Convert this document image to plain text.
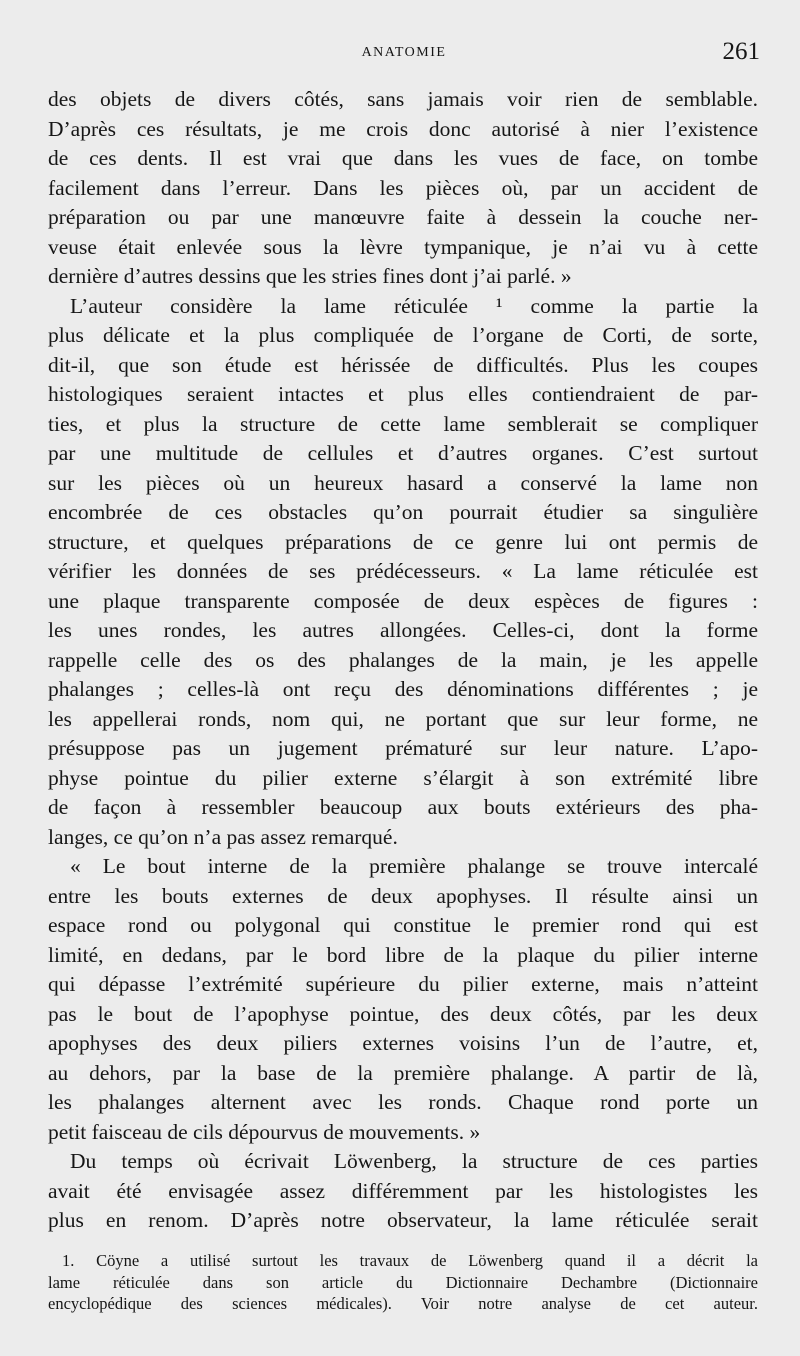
ANATOMIE	261
des objets de divers côtés, sans jamais voir rien de semblable.
D’après ces résultats, je me crois donc autorisé à nier l’existence
de ces dents. Il est vrai que dans les vues de face, on tombe
facilement dans l’erreur. Dans les pièces où, par un accident de
préparation ou par une manœuvre faite à dessein la couche ner-
veuse était enlevée sous la lèvre tympanique, je n’ai vu à cette
dernière d’autres dessins que les stries fines dont j’ai parlé. »
L’auteur considère la lame réticulée ¹ comme la partie la
plus délicate et la plus compliquée de l’organe de Corti, de sorte,
dit-il, que son étude est hérissée de difficultés. Plus les coupes
histologiques seraient intactes et plus elles contiendraient de par-
ties, et plus la structure de cette lame semblerait se compliquer
par une multitude de cellules et d’autres organes. C’est surtout
sur les pièces où un heureux hasard a conservé la lame non
encombrée de ces obstacles qu’on pourrait étudier sa singulière
structure, et quelques préparations de ce genre lui ont permis de
vérifier les données de ses prédécesseurs. « La lame réticulée est
une plaque transparente composée de deux espèces de figures :
les unes rondes, les autres allongées. Celles-ci, dont la forme
rappelle celle des os des phalanges de la main, je les appelle
phalanges ; celles-là ont reçu des dénominations différentes ; je
les appellerai ronds, nom qui, ne portant que sur leur forme, ne
présuppose pas un jugement prématuré sur leur nature. L’apo-
physe pointue du pilier externe s’élargit à son extrémité libre
de façon à ressembler beaucoup aux bouts extérieurs des pha-
langes, ce qu’on n’a pas assez remarqué.
« Le bout interne de la première phalange se trouve intercalé
entre les bouts externes de deux apophyses. Il résulte ainsi un
espace rond ou polygonal qui constitue le premier rond qui est
limité, en dedans, par le bord libre de la plaque du pilier interne
qui dépasse l’extrémité supérieure du pilier externe, mais n’atteint
pas le bout de l’apophyse pointue, des deux côtés, par les deux
apophyses des deux piliers externes voisins l’un de l’autre, et,
au dehors, par la base de la première phalange. A partir de là,
les phalanges alternent avec les ronds. Chaque rond porte un
petit faisceau de cils dépourvus de mouvements. »
Du temps où écrivait Löwenberg, la structure de ces parties
avait été envisagée assez différemment par les histologistes les
plus en renom. D’après notre observateur, la lame réticulée serait
1. Cöyne a utilisé surtout les travaux de Löwenberg quand il a décrit la
lame réticulée dans son article du Dictionnaire Dechambre (Dictionnaire
encyclopédique des sciences médicales). Voir notre analyse de cet auteur.
